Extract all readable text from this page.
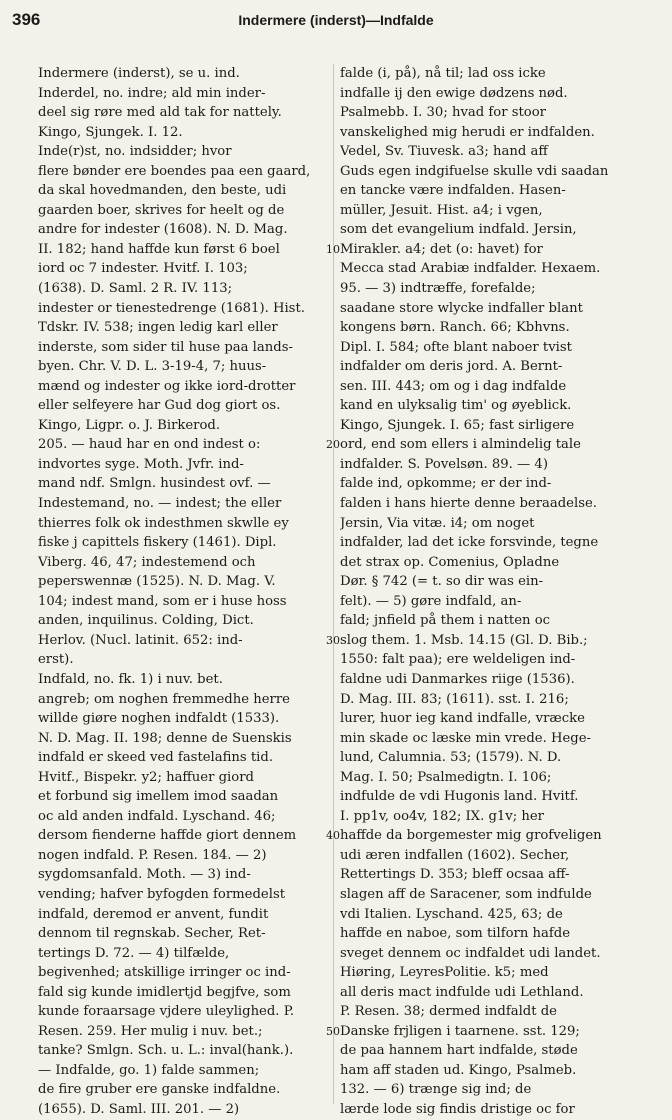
396	Indermere (inderst)—Indfalde
Indermere (inderst), se u. ind.
Inderdel, no. indre; ald min inder-
deel sig røre med ald tak for nattely.
Kingo, Sjungek. I. 12.
Inde(r)st, no. indsidder; hvor
flere bønder ere boendes paa een gaard,
da skal hovedmanden, den beste, udi
gaarden boer, skrives for heelt og de
andre for indester (1608). N. D. Mag.
II. 182; hand haffde kun først 6 boel
iord oc 7 indester. Hvitf. I. 103;
(1638). D. Saml. 2 R. IV. 113;
indester or tienestedrenge (1681). Hist.
Tdskr. IV. 538; ingen ledig karl eller
inderste, som sider til huse paa lands-
byen. Chr. V. D. L. 3-19-4, 7; huus-
mænd og indester og ikke iord-drotter
eller selfeyere har Gud dog giort os.
Kingo, Ligpr. o. J. Birkerod.
205. — haud har en ond indest o:
indvortes syge. Moth. Jvfr. ind-
mand ndf. Smlgn. husindest ovf. —
Indestemand, no. — indest; the eller
thierres folk ok indesthmen skwlle ey
fiske j capittels fiskery (1461). Dipl.
Viberg. 46, 47; indestemend och
peperswennæ (1525). N. D. Mag. V.
104; indest mand, som er i huse hoss
anden, inquilinus. Colding, Dict.
Herlov. (Nucl. latinit. 652: ind-
erst).
Indfald, no. fk. 1) i nuv. bet.
angreb; om noghen fremmedhe herre
willde giøre noghen indfaldt (1533).
N. D. Mag. II. 198; denne de Suenskis
indfald er skeed ved fastelafins tid.
Hvitf., Bispekr. y2; haffuer giord
et forbund sig imellem imod saadan
oc ald anden indfald. Lyschand. 46;
dersom fienderne haffde giort dennem
nogen indfald. P. Resen. 184. — 2)
sygdomsanfald. Moth. — 3) ind-
vending; hafver byfogden formedelst
indfald, deremod er anvent, fundit
dennom til regnskab. Secher, Ret-
tertings D. 72. — 4) tilfælde,
begivenhed; atskillige irringer oc ind-
fald sig kunde imidlertjd begjfve, som
kunde foraarsage vjdere uleylighed. P.
Resen. 259. Her mulig i nuv. bet.;
tanke? Smlgn. Sch. u. L.: inval(hank.).
— Indfalde, go. 1) falde sammen;
de fire gruber ere ganske indfaldne.
(1655). D. Saml. III. 201. — 2)
10
20
30
40
50
falde (i, på), nå til; lad oss icke
indfalle ij den ewige dødzens nød.
Psalmebb. I. 30; hvad for stoor
vanskelighed mig herudi er indfalden.
Vedel, Sv. Tiuvesk. a3; hand aff
Guds egen indgifuelse skulle vdi saadan
en tancke være indfalden. Hasen-
müller, Jesuit. Hist. a4; i vgen,
som det evangelium indfald. Jersin,
Mirakler. a4; det (o: havet) for
Mecca stad Arabiæ indfalder. Hexaem.
95. — 3) indtræffe, forefalde;
saadane store wlycke indfaller blant
kongens børn. Ranch. 66; Kbhvns.
Dipl. I. 584; ofte blant naboer tvist
indfalder om deris jord. A. Bernt-
sen. III. 443; om og i dag indfalde
kand en ulyksalig tim' og øyeblick.
Kingo, Sjungek. I. 65; fast sirligere
ord, end som ellers i almindelig tale
indfalder. S. Povelsøn. 89. — 4)
falde ind, opkomme; er der ind-
falden i hans hierte denne beraadelse.
Jersin, Via vitæ. i4; om noget
indfalder, lad det icke forsvinde, tegne
det strax op. Comenius, Opladne
Dør. § 742 (= t. so dir was ein-
felt). — 5) gøre indfald, an-
fald; jnfield på them i natten oc
slog them. 1. Msb. 14.15 (Gl. D. Bib.;
1550: falt paa); ere weldeligen ind-
faldne udi Danmarkes riige (1536).
D. Mag. III. 83; (1611). sst. I. 216;
lurer, huor ieg kand indfalle, vræcke
min skade oc læske min vrede. Hege-
lund, Calumnia. 53; (1579). N. D.
Mag. I. 50; Psalmedigtn. I. 106;
indfulde de vdi Hugonis land. Hvitf.
I. pp1v, oo4v, 182; IX. g1v; her
haffde da borgemester mig grofveligen
udi æren indfallen (1602). Secher,
Rettertings D. 353; bleff ocsaa aff-
slagen aff de Saracener, som indfulde
vdi Italien. Lyschand. 425, 63; de
haffde en naboe, som tilforn hafde
sveget dennem oc indfaldet udi landet.
Hiøring, LeyresPolitie. k5; med
all deris mact indfulde udi Lethland.
P. Resen. 38; dermed indfaldt de
Danske frjligen i taarnene. sst. 129;
de paa hannem hart indfalde, støde
ham aff staden ud. Kingo, Psalmeb.
132. — 6) trænge sig ind; de
lærde lode sig findis dristige oc for
